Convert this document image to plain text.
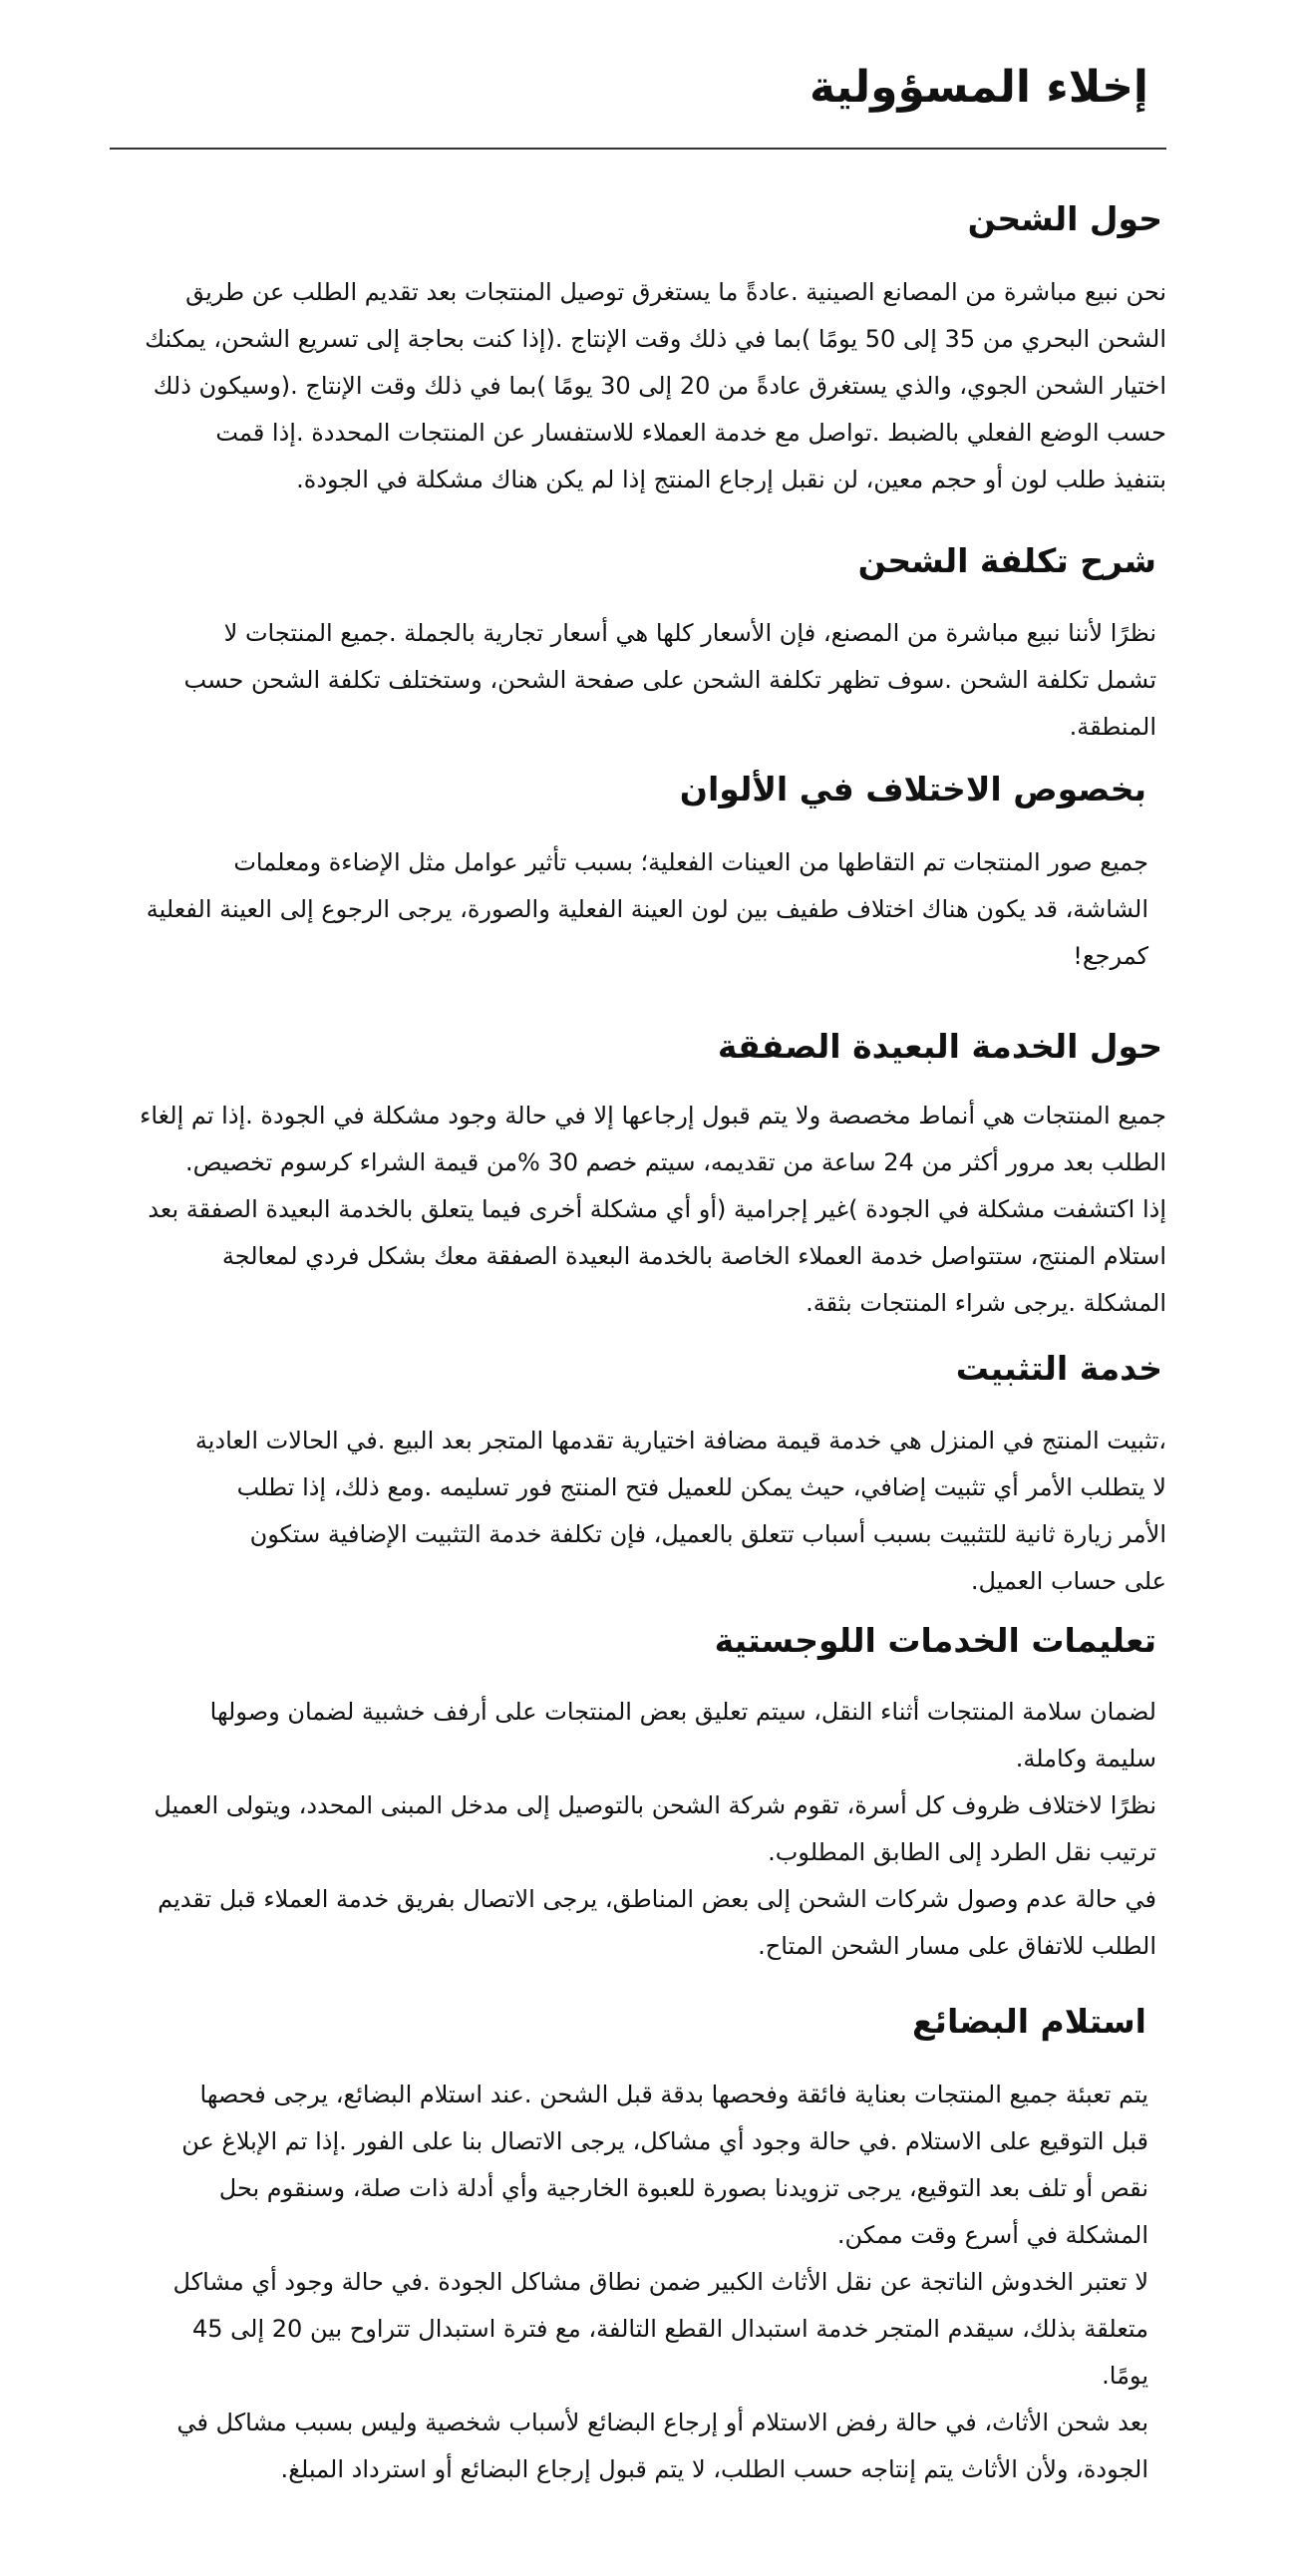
إخلاء المسؤولية
حول الشحن
نحن نبيع مباشرة من المصانع الصينية .عادةً ما يستغرق توصيل المنتجات بعد تقديم الطلب عن طريق
الشحن البحري من 35 إلى 50 يومًا )بما في ذلك وقت الإنتاج .(إذا كنت بحاجة إلى تسريع الشحن، يمكنك
اختيار الشحن الجوي، والذي يستغرق عادةً من 20 إلى 30 يومًا )بما في ذلك وقت الإنتاج .(وسيكون ذلك
حسب الوضع الفعلي بالضبط .تواصل مع خدمة العملاء للاستفسار عن المنتجات المحددة .إذا قمت
.بتنفيذ طلب لون أو حجم معين، لن نقبل إرجاع المنتج إذا لم يكن هناك مشكلة في الجودة
شرح تكلفة الشحن
نظرًا لأننا نبيع مباشرة من المصنع، فإن الأسعار كلها هي أسعار تجارية بالجملة .جميع المنتجات لا
تشمل تكلفة الشحن .سوف تظهر تكلفة الشحن على صفحة الشحن، وستختلف تكلفة الشحن حسب
.المنطقة
بخصوص الاختلاف في الألوان
جميع صور المنتجات تم التقاطها من العينات الفعلية؛ بسبب تأثير عوامل مثل الإضاءة ومعلمات
الشاشة، قد يكون هناك اختلاف طفيف بين لون العينة الفعلية والصورة، يرجى الرجوع إلى العينة الفعلية
!كمرجع
حول الخدمة البعيدة الصفقة
جميع المنتجات هي أنماط مخصصة ولا يتم قبول إرجاعها إلا في حالة وجود مشكلة في الجودة .إذا تم إلغاء
.الطلب بعد مرور أكثر من 24 ساعة من تقديمه، سيتم خصم 30 %من قيمة الشراء كرسوم تخصيص
إذا اكتشفت مشكلة في الجودة )غير إجرامية (أو أي مشكلة أخرى فيما يتعلق بالخدمة البعيدة الصفقة بعد
استلام المنتج، ستتواصل خدمة العملاء الخاصة بالخدمة البعيدة الصفقة معك بشكل فردي لمعالجة
.المشكلة .يرجى شراء المنتجات بثقة
خدمة التثبيت
تثبيت المنتج في المنزل هي خدمة قيمة مضافة اختيارية تقدمها المتجر بعد البيع .في الحالات العادية،
لا يتطلب الأمر أي تثبيت إضافي، حيث يمكن للعميل فتح المنتج فور تسليمه .ومع ذلك، إذا تطلب
الأمر زيارة ثانية للتثبيت بسبب أسباب تتعلق بالعميل، فإن تكلفة خدمة التثبيت الإضافية ستكون
.على حساب العميل
تعليمات الخدمات اللوجستية
لضمان سلامة المنتجات أثناء النقل، سيتم تعليق بعض المنتجات على أرفف خشبية لضمان وصولها
.سليمة وكاملة
نظرًا لاختلاف ظروف كل أسرة، تقوم شركة الشحن بالتوصيل إلى مدخل المبنى المحدد، ويتولى العميل
.ترتيب نقل الطرد إلى الطابق المطلوب
في حالة عدم وصول شركات الشحن إلى بعض المناطق، يرجى الاتصال بفريق خدمة العملاء قبل تقديم
.الطلب للاتفاق على مسار الشحن المتاح
استلام البضائع
يتم تعبئة جميع المنتجات بعناية فائقة وفحصها بدقة قبل الشحن .عند استلام البضائع، يرجى فحصها
قبل التوقيع على الاستلام .في حالة وجود أي مشاكل، يرجى الاتصال بنا على الفور .إذا تم الإبلاغ عن
نقص أو تلف بعد التوقيع، يرجى تزويدنا بصورة للعبوة الخارجية وأي أدلة ذات صلة، وسنقوم بحل
.المشكلة في أسرع وقت ممكن
لا تعتبر الخدوش الناتجة عن نقل الأثاث الكبير ضمن نطاق مشاكل الجودة .في حالة وجود أي مشاكل
متعلقة بذلك، سيقدم المتجر خدمة استبدال القطع التالفة، مع فترة استبدال تتراوح بين 20 إلى 45
.يومًا
بعد شحن الأثاث، في حالة رفض الاستلام أو إرجاع البضائع لأسباب شخصية وليس بسبب مشاكل في
.الجودة، ولأن الأثاث يتم إنتاجه حسب الطلب، لا يتم قبول إرجاع البضائع أو استرداد المبلغ
